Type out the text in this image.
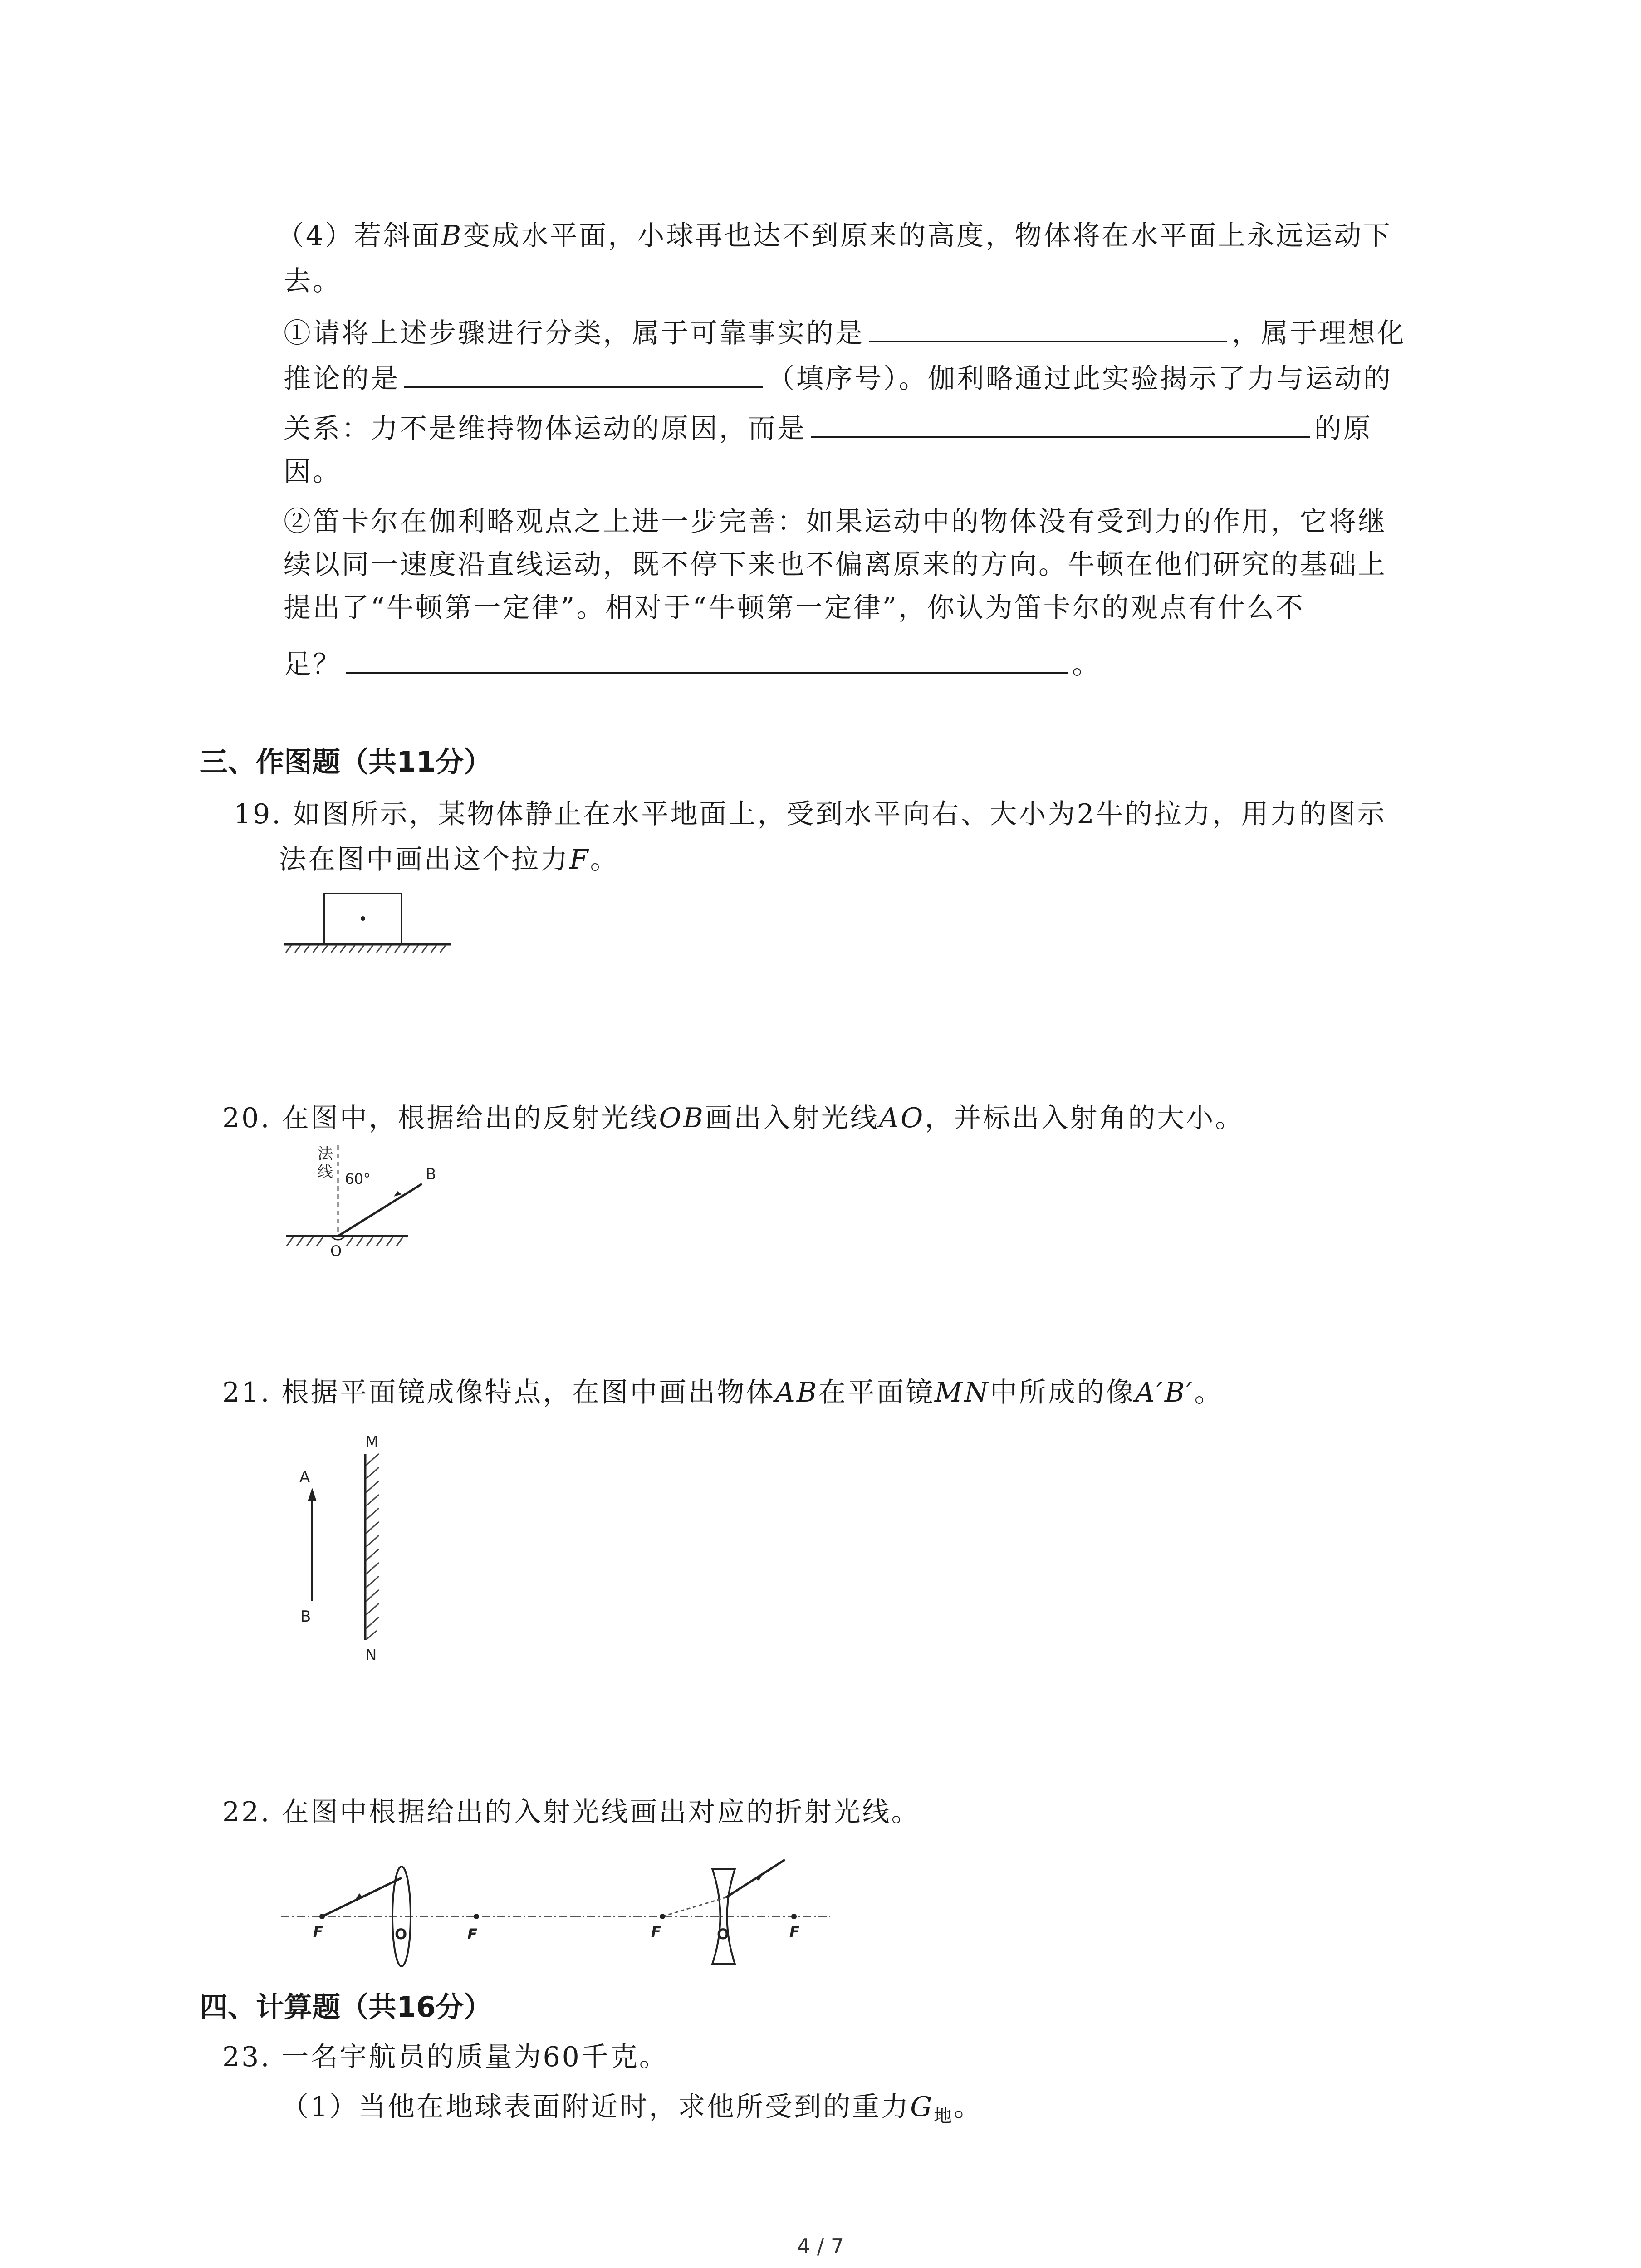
（4）若斜面B变成水平面，小球再也达不到原来的高度，物体将在水平面上永远运动下
去。
①请将上述步骤进行分类，属于可靠事实的是	，属于理想化
推论的是	（填序号）。伽利略通过此实验揭示了力与运动的
关系：力不是维持物体运动的原因，而是	的原
因。
②笛卡尔在伽利略观点之上进一步完善：如果运动中的物体没有受到力的作用，它将继
续以同一速度沿直线运动，既不停下来也不偏离原来的方向。牛顿在他们研究的基础上
提出了“牛顿第一定律”。相对于“牛顿第一定律”，你认为笛卡尔的观点有什么不
足？	。
三、作图题（共11分）
19. 如图所示，某物体静止在水平地面上，受到水平向右、大小为2牛的拉力，用力的图示
法在图中画出这个拉力F。
20. 在图中，根据给出的反射光线OB画出入射光线AO，并标出入射角的大小。
法
线 60°	B
O
21. 根据平面镜成像特点，在图中画出物体AB在平面镜MN中所成的像A′B′。
M
N
A
B
22. 在图中根据给出的入射光线画出对应的折射光线。
F	O	F	F	O	F
四、计算题（共16分）
23. 一名宇航员的质量为60千克。
（1）当他在地球表面附近时，求他所受到的重力$G_地$。
4 / 7
